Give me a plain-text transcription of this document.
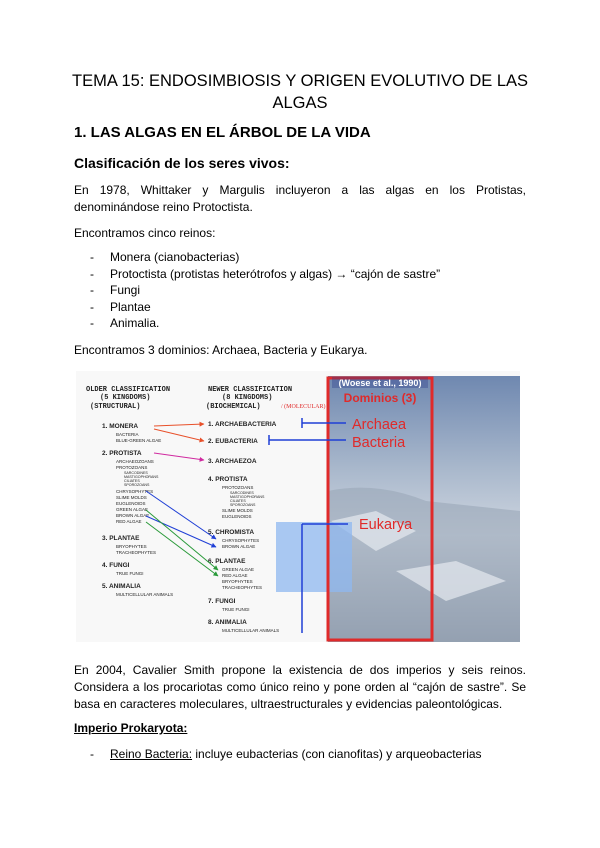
TEMA 15: ENDOSIMBIOSIS Y ORIGEN EVOLUTIVO DE LAS ALGAS
1. LAS ALGAS EN EL ÁRBOL DE LA VIDA
Clasificación de los seres vivos:
En 1978, Whittaker y Margulis incluyeron a las algas en los Protistas, denominándose reino Protoctista.
Encontramos cinco reinos:
- Monera (cianobacterias)
- Protoctista (protistas heterótrofos y algas) → “cajón de sastre”
- Fungi
- Plantae
- Animalia.
Encontramos 3 dominios: Archaea, Bacteria y Eukarya.
(Woese et al., 1990)
Dominios (3)
Archaea
Bacteria
Eukarya
OLDER CLASSIFICATION
(5 KINGDOMS)
(STRUCTURAL)
NEWER CLASSIFICATION
(8 KINGDOMS)
(BIOCHEMICAL)	/ (MOLECULAR)
1. MONERA
BACTERIA
BLUE-GREEN ALGAE
2. PROTISTA
ARCHAEOZOANS
PROTOZOANS
SARCODINES
MASTIGOPHORANS
CILIATES
SPOROZOANS
CHRYSOPHYTES
SLIME MOLDS
EUGLENOIDS
GREEN ALGAE
BROWN ALGAE
RED ALGAE
3. PLANTAE
BRYOPHYTES
TRACHEOPHYTES
4. FUNGI
TRUE FUNGI
5. ANIMALIA
MULTICELLULAR ANIMALS
1. ARCHAEBACTERIA
2. EUBACTERIA
3. ARCHAEZOA
4. PROTISTA
PROTOZOANS
SARCODINES
MASTIGOPHORANS
CILIATES
SPOROZOANS
SLIME MOLDS
EUGLENOIDS
5. CHROMISTA
CHRYSOPHYTES
BROWN ALGAE
6. PLANTAE
GREEN ALGAE
RED ALGAE
BRYOPHYTES
TRACHEOPHYTES
7. FUNGI
TRUE FUNGI
8. ANIMALIA
MULTICELLULAR ANIMALS
En 2004, Cavalier Smith propone la existencia de dos imperios y seis reinos. Considera a los procariotas como único reino y pone orden al “cajón de sastre”. Se basa en caracteres moleculares, ultraestructurales y evidencias paleontológicas.
Imperio Prokaryota:
- Reino Bacteria: incluye eubacterias (con cianofitas) y arqueobacterias
